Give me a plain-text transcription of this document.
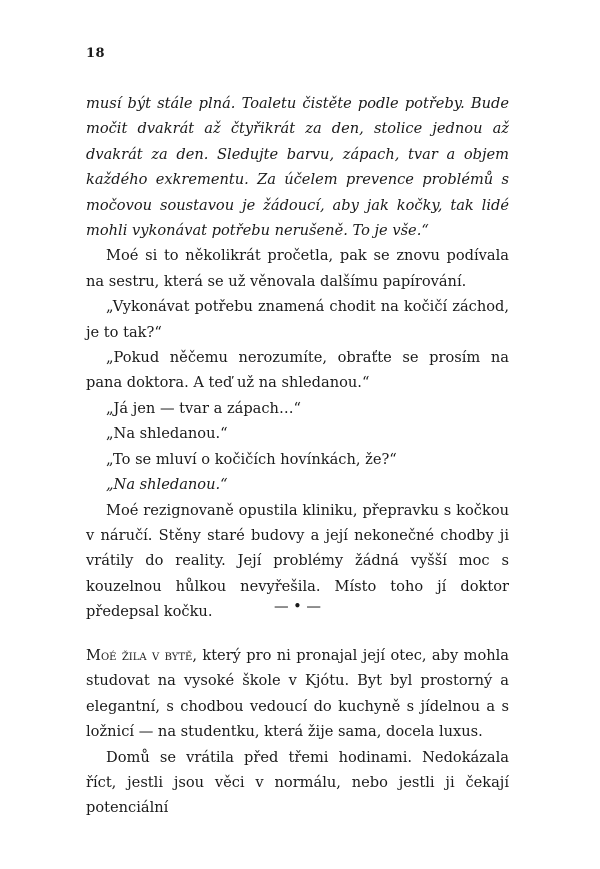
18

musí být stále plná. Toaletu čistěte podle potřeby. Bude močit dvakrát až čtyřikrát za den, stolice jednou až dvakrát za den. Sledujte barvu, zápach, tvar a objem každého exkrementu. Za účelem prevence problémů s močovou soustavou je žádoucí, aby jak kočky, tak lidé mohli vykonávat potřebu nerušeně. To je vše.“

Moé si to několikrát pročetla, pak se znovu podívala na sestru, která se už věnovala dalšímu papírování.

„Vykonávat potřebu znamená chodit na kočičí záchod, je to tak?“

„Pokud něčemu nerozumíte, obraťte se prosím na pana doktora. A teď už na shledanou.“

„Já jen — tvar a zápach…“

„Na shledanou.“

„To se mluví o kočičích hovínkách, že?“

„Na shledanou.“

Moé rezignovaně opustila kliniku, přepravku s kočkou v náručí. Stěny staré budovy a její nekonečné chodby ji vrátily do reality. Její problémy žádná vyšší moc s kouzelnou hůlkou nevyřešila. Místo toho jí doktor předepsal kočku.	— • —

Moé žila v bytě, který pro ni pronajal její otec, aby mohla studovat na vysoké škole v Kjótu. Byt byl prostorný a elegantní, s chodbou vedoucí do kuchyně s jídelnou a s ložnicí — na studentku, která žije sama, docela luxus.

Domů se vrátila před třemi hodinami. Nedokázala říct, jestli jsou věci v normálu, nebo jestli ji čekají potenciální
